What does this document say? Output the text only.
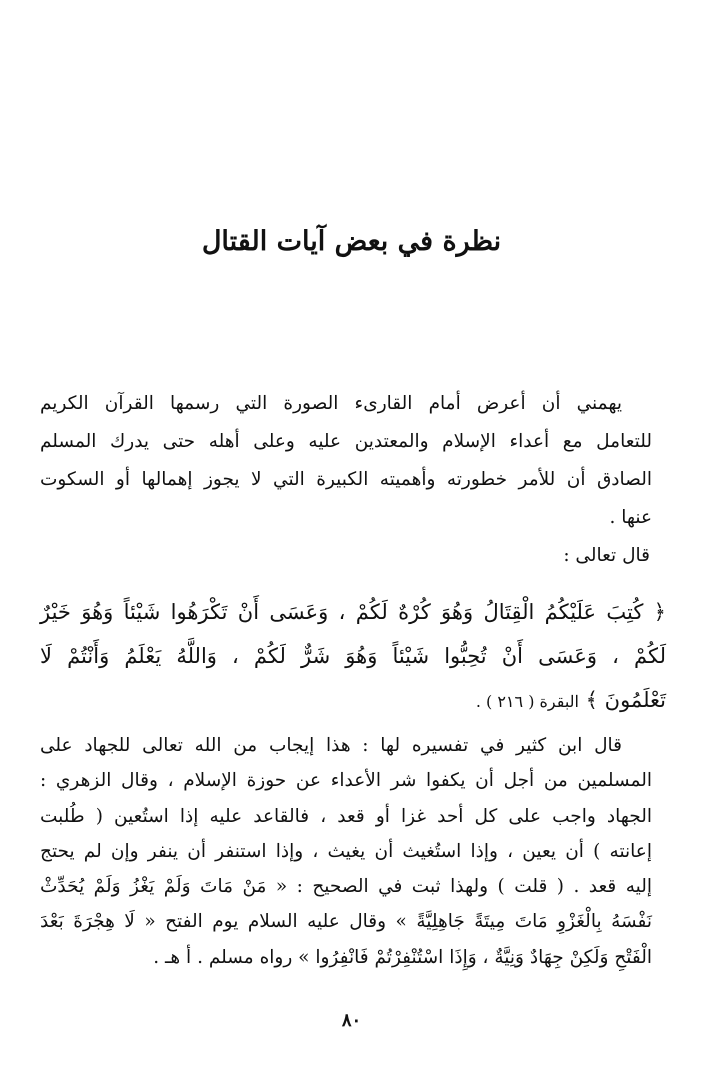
نظرة في بعض آيات القتال
يهمني أن أعرض أمام القارىء الصورة التي رسمها القرآن الكريم
للتعامل مع أعداء الإسلام والمعتدين عليه وعلى أهله حتى يدرك المسلم
الصادق أن للأمر خطورته وأهميته الكبيرة التي لا يجوز إهمالها أو السكوت
عنها .
قال تعالى :
﴿ كُتِبَ عَلَيْكُمُ الْقِتَالُ وَهُوَ كُرْهٌ لَكُمْ ، وَعَسَى أَنْ تَكْرَهُوا شَيْئاً وَهُوَ خَيْرٌ
لَكُمْ ، وَعَسَى أَنْ تُحِبُّوا شَيْئاً وَهُوَ شَرٌّ لَكُمْ ، وَاللَّهُ يَعْلَمُ وَأَنْتُمْ لَا
تَعْلَمُونَ ﴾ البقرة ( ٢١٦ ) .
قال ابن كثير في تفسيره لها : هذا إيجاب من الله تعالى للجهاد على
المسلمين من أجل أن يكفوا شر الأعداء عن حوزة الإسلام ، وقال الزهري :
الجهاد واجب على كل أحد غزا أو قعد ، فالقاعد عليه إذا استُعين ( طُلبت
إعانته ) أن يعين ، وإذا استُغيث أن يغيث ، وإذا استنفر أن ينفر وإن لم يحتج
إليه قعد . ( قلت ) ولهذا ثبت في الصحيح : « مَنْ مَاتَ وَلَمْ يَغْزُ وَلَمْ يُحَدِّثْ
نَفْسَهُ بِالْغَزْوِ مَاتَ مِيتَةً جَاهِلِيَّةً » وقال عليه السلام يوم الفتح « لَا هِجْرَةَ بَعْدَ
الْفَتْحِ وَلَكِنْ جِهَادٌ وَنِيَّةٌ ، وَإِذَا اسْتُنْفِرْتُمْ فَانْفِرُوا » رواه مسلم . أ هـ .
٨٠
